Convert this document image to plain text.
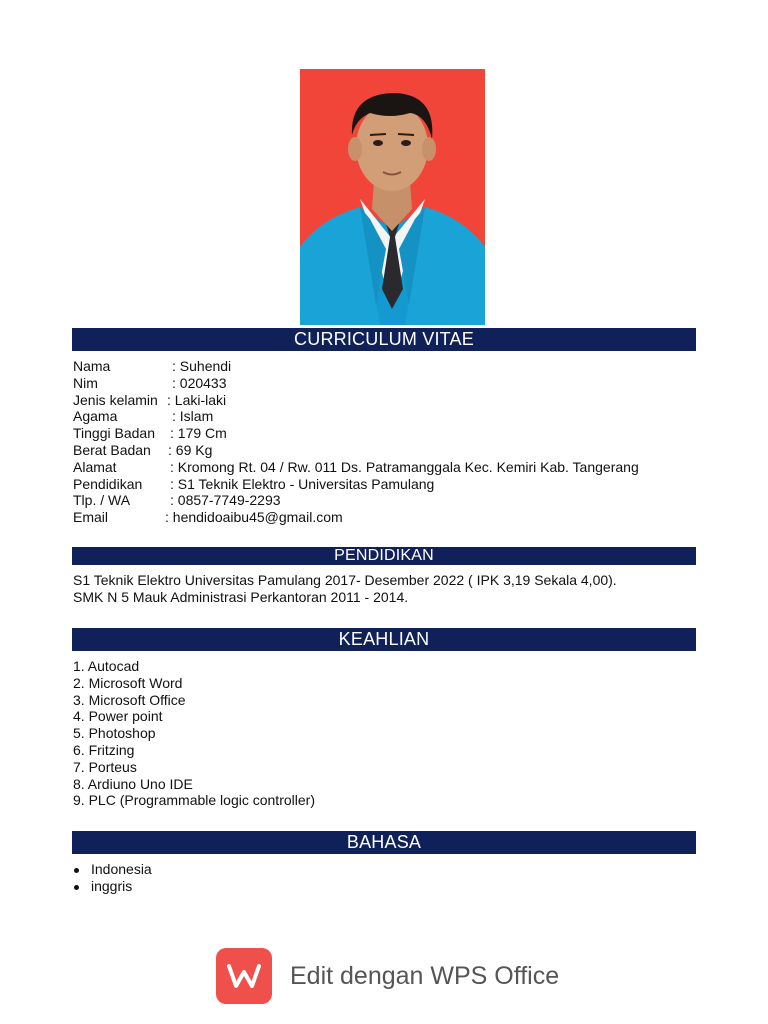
CURRICULUM VITAE
Nama	: Suhendi
Nim	: 020433
Jenis kelamin : Laki-laki
Agama	: Islam
Tinggi Badan : 179 Cm
Berat Badan : 69 Kg
Alamat	: Kromong Rt. 04 / Rw. 011 Ds. Patramanggala Kec. Kemiri Kab. Tangerang
Pendidikan : S1 Teknik Elektro - Universitas Pamulang
Tlp. / WA	: 0857-7749-2293
Email	: hendidoaibu45@gmail.com
PENDIDIKAN
S1 Teknik Elektro Universitas Pamulang 2017- Desember 2022 ( IPK 3,19 Sekala 4,00).
SMK N 5 Mauk Administrasi Perkantoran 2011 - 2014.
KEAHLIAN
1. Autocad
2. Microsoft Word
3. Microsoft Office
4. Power point
5. Photoshop
6. Fritzing
7. Porteus
8. Ardiuno Uno IDE
9. PLC (Programmable logic controller)
BAHASA
Indonesia
inggris
Edit dengan WPS Office
